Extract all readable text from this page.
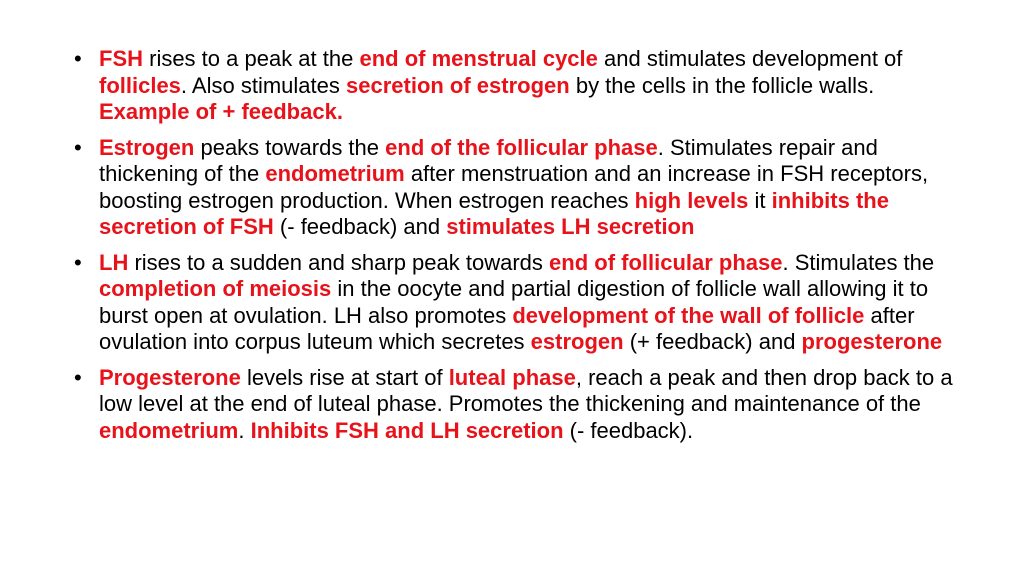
• FSH rises to a peak at the end of menstrual cycle and stimulates development of follicles. Also stimulates secretion of estrogen by the cells in the follicle walls. Example of + feedback.
• Estrogen peaks towards the end of the follicular phase. Stimulates repair and thickening of the endometrium after menstruation and an increase in FSH receptors, boosting estrogen production. When estrogen reaches high levels it inhibits the secretion of FSH (- feedback) and stimulates LH secretion
• LH rises to a sudden and sharp peak towards end of follicular phase. Stimulates the completion of meiosis in the oocyte and partial digestion of follicle wall allowing it to burst open at ovulation. LH also promotes development of the wall of follicle after ovulation into corpus luteum which secretes estrogen (+ feedback) and progesterone
• Progesterone levels rise at start of luteal phase, reach a peak and then drop back to a low level at the end of luteal phase. Promotes the thickening and maintenance of the endometrium. Inhibits FSH and LH secretion (- feedback).
